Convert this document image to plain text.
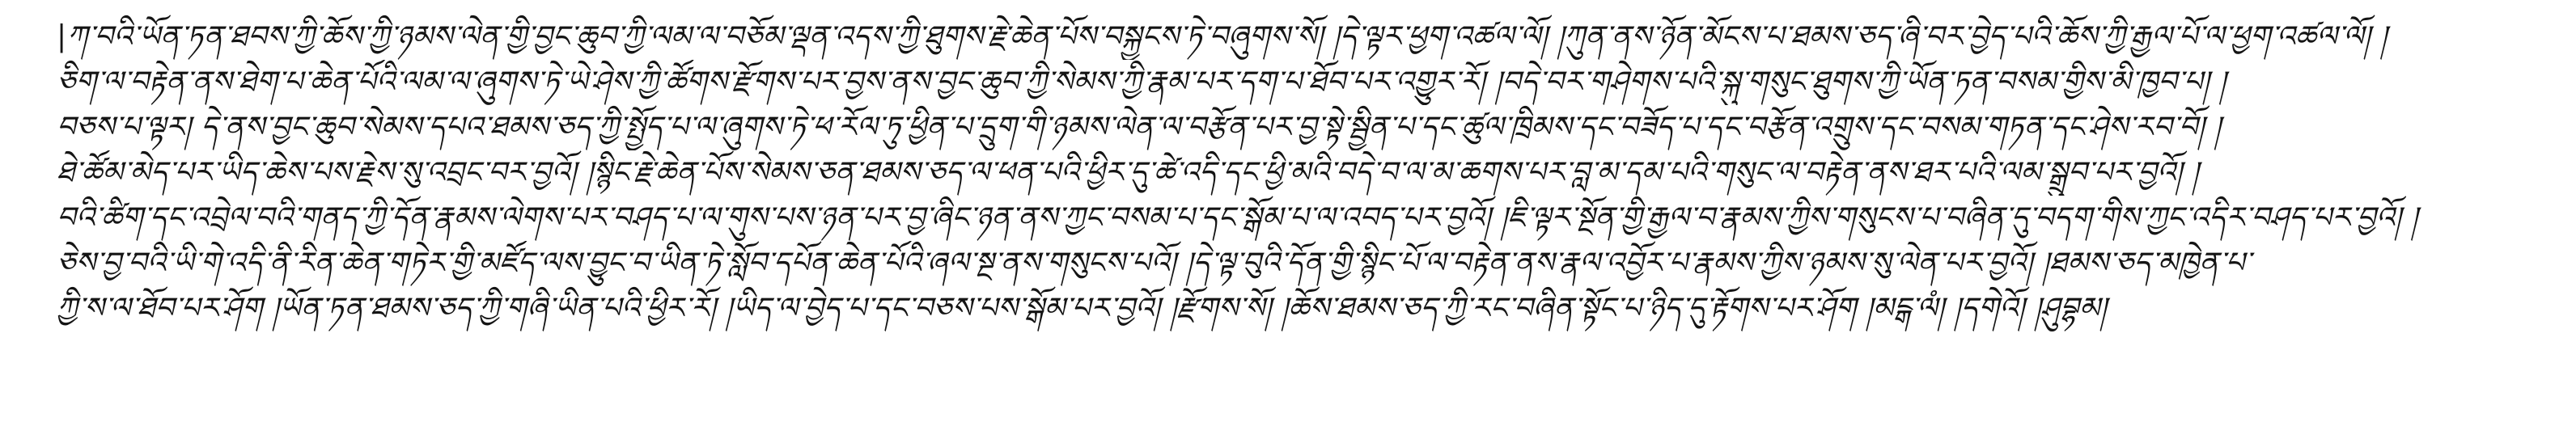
|ཀ་བའི་ཡོན་ཏན་ཐབས་ཀྱི་ཆོས་ཀྱི་ཉམས་ལེན་གྱི་བྱང་ཆུབ་ཀྱི་ལམ་ལ་བཅོམ་ལྡན་འདས་ཀྱི་ཐུགས་རྗེ་ཆེན་པོས་བསྐྱངས་ཏེ་བཞུགས་སོ། །དེ་ལྟར་ཕྱག་འཚལ་ལོ། །ཀུན་ནས་ཉོན་མོངས་པ་ཐམས་ཅད་ཞི་བར་བྱེད་པའི་ཆོས་ཀྱི་རྒྱལ་པོ་ལ་ཕྱག་འཚལ་ལོ། །
ཅིག་ལ་བརྟེན་ནས་ཐེག་པ་ཆེན་པོའི་ལམ་ལ་ཞུགས་ཏེ་ཡེ་ཤེས་ཀྱི་ཚོགས་རྫོགས་པར་བྱས་ནས་བྱང་ཆུབ་ཀྱི་སེམས་ཀྱི་རྣམ་པར་དག་པ་ཐོབ་པར་འགྱུར་རོ། །བདེ་བར་གཤེགས་པའི་སྐུ་གསུང་ཐུགས་ཀྱི་ཡོན་ཏན་བསམ་གྱིས་མི་ཁྱབ་པ། །
བཅས་པ་ལྟར། དེ་ནས་བྱང་ཆུབ་སེམས་དཔའ་ཐམས་ཅད་ཀྱི་སྤྱོད་པ་ལ་ཞུགས་ཏེ་ཕ་རོལ་ཏུ་ཕྱིན་པ་དྲུག་གི་ཉམས་ལེན་ལ་བརྩོན་པར་བྱ་སྟེ་སྦྱིན་པ་དང་ཚུལ་ཁྲིམས་དང་བཟོད་པ་དང་བརྩོན་འགྲུས་དང་བསམ་གཏན་དང་ཤེས་རབ་བོ། །
ཐེ་ཚོམ་མེད་པར་ཡིད་ཆེས་པས་རྗེས་སུ་འབྲང་བར་བྱའོ། །སྙིང་རྗེ་ཆེན་པོས་སེམས་ཅན་ཐམས་ཅད་ལ་ཕན་པའི་ཕྱིར་དུ་ཚེ་འདི་དང་ཕྱི་མའི་བདེ་བ་ལ་མ་ཆགས་པར་བླ་མ་དམ་པའི་གསུང་ལ་བརྟེན་ནས་ཐར་པའི་ལམ་སྒྲུབ་པར་བྱའོ། །
བའི་ཚིག་དང་འབྲེལ་བའི་གནད་ཀྱི་དོན་རྣམས་ལེགས་པར་བཤད་པ་ལ་གུས་པས་ཉན་པར་བྱ་ཞིང་ཉན་ནས་ཀྱང་བསམ་པ་དང་སྒོམ་པ་ལ་འབད་པར་བྱའོ། །ཇི་ལྟར་སྔོན་གྱི་རྒྱལ་བ་རྣམས་ཀྱིས་གསུངས་པ་བཞིན་དུ་བདག་གིས་ཀྱང་འདིར་བཤད་པར་བྱའོ། །
ཅེས་བྱ་བའི་ཡི་གེ་འདི་ནི་རིན་ཆེན་གཏེར་གྱི་མཛོད་ལས་བྱུང་བ་ཡིན་ཏེ་སློབ་དཔོན་ཆེན་པོའི་ཞལ་སྔ་ནས་གསུངས་པའོ། །དེ་ལྟ་བུའི་དོན་གྱི་སྙིང་པོ་ལ་བརྟེན་ནས་རྣལ་འབྱོར་པ་རྣམས་ཀྱིས་ཉམས་སུ་ལེན་པར་བྱའོ། །ཐམས་ཅད་མཁྱེན་པ་
ཀྱི་ས་ལ་ཐོབ་པར་ཤོག །ཡོན་ཏན་ཐམས་ཅད་ཀྱི་གཞི་ཡིན་པའི་ཕྱིར་རོ། །ཡིད་ལ་བྱེད་པ་དང་བཅས་པས་སྒོམ་པར་བྱའོ། །རྫོགས་སོ། །ཆོས་ཐམས་ཅད་ཀྱི་རང་བཞིན་སྟོང་པ་ཉིད་དུ་རྟོགས་པར་ཤོག །མངྒ་ལཾ། །དགེའོ། །ཤུབྷམ།
